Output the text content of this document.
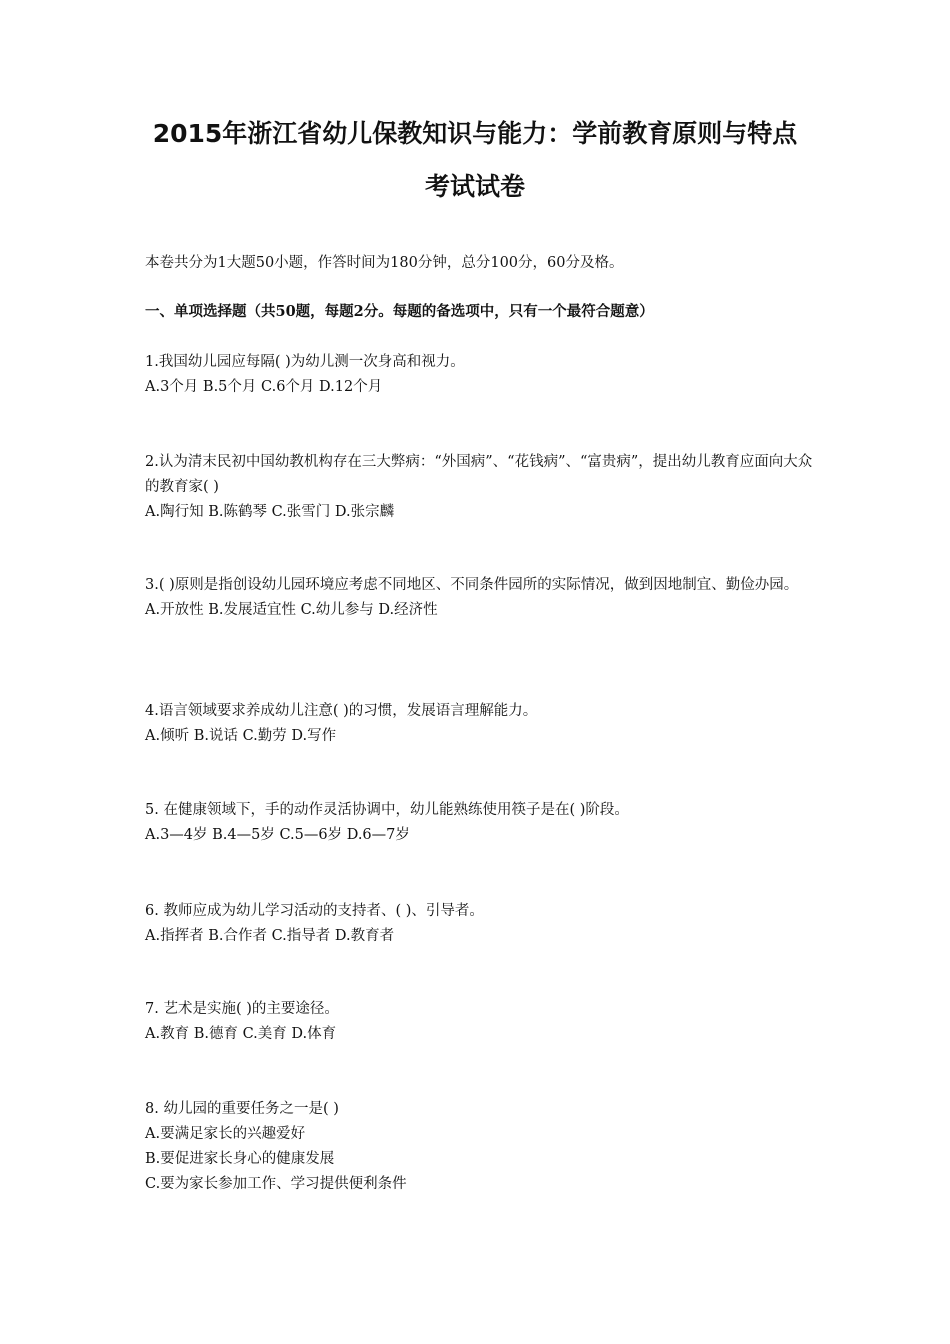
2015年浙江省幼儿保教知识与能力：学前教育原则与特点
考试试卷
本卷共分为1大题50小题，作答时间为180分钟，总分100分，60分及格。
一、单项选择题（共50题，每题2分。每题的备选项中，只有一个最符合题意）
1.我国幼儿园应每隔( )为幼儿测一次身高和视力。
A.3个月 B.5个月 C.6个月 D.12个月
2.认为清末民初中国幼教机构存在三大弊病：“外国病”、“花钱病”、“富贵病”，提出幼儿教育应面向大众的教育家( )
A.陶行知 B.陈鹤琴 C.张雪门 D.张宗麟
3.( )原则是指创设幼儿园环境应考虑不同地区、不同条件园所的实际情况，做到因地制宜、勤俭办园。
A.开放性 B.发展适宜性 C.幼儿参与 D.经济性
4.语言领域要求养成幼儿注意( )的习惯，发展语言理解能力。
A.倾听 B.说话 C.勤劳 D.写作
5. 在健康领域下，手的动作灵活协调中，幼儿能熟练使用筷子是在( )阶段。
A.3—4岁 B.4—5岁 C.5—6岁 D.6—7岁
6. 教师应成为幼儿学习活动的支持者、( )、引导者。
A.指挥者 B.合作者 C.指导者 D.教育者
7. 艺术是实施( )的主要途径。
A.教育 B.德育 C.美育 D.体育
8. 幼儿园的重要任务之一是( )
A.要满足家长的兴趣爱好
B.要促进家长身心的健康发展
C.要为家长参加工作、学习提供便利条件
